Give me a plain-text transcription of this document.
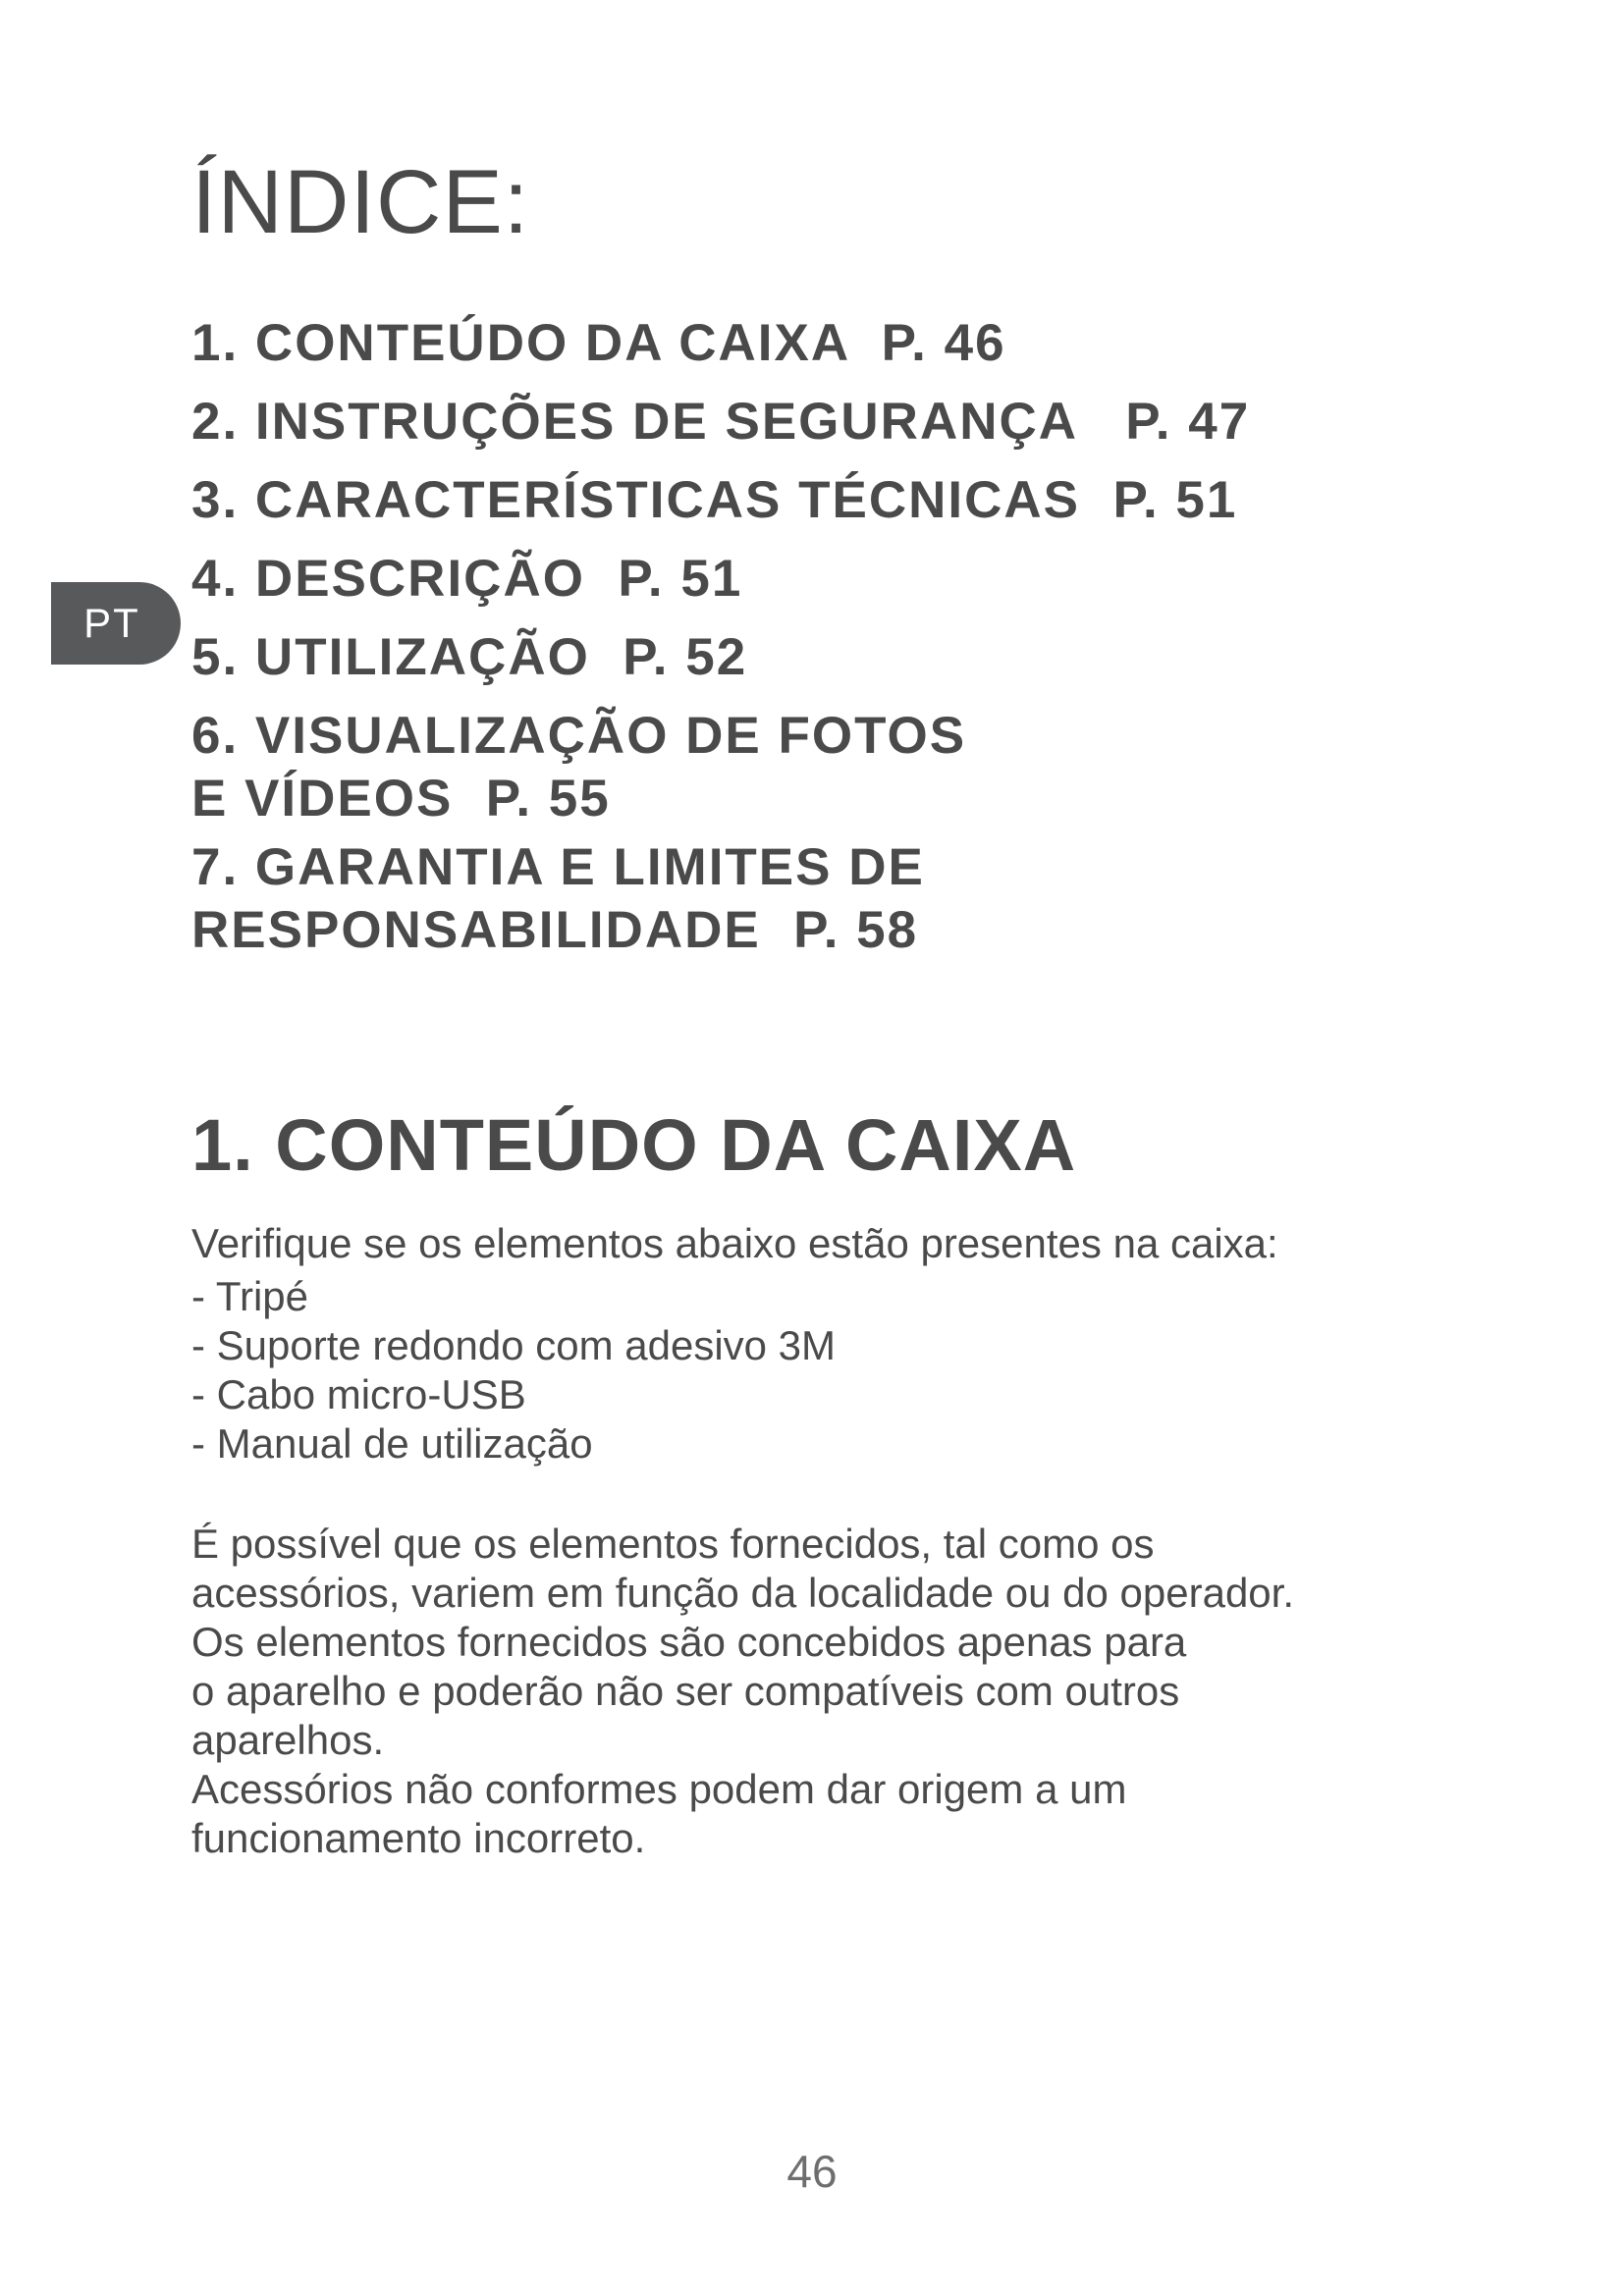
ÍNDICE:
PT
1. CONTEÚDO DA CAIXA  P. 46
2. INSTRUÇÕES DE SEGURANÇA   P. 47
3. CARACTERÍSTICAS TÉCNICAS  P. 51
4. DESCRIÇÃO  P. 51
5. UTILIZAÇÃO  P. 52
6. VISUALIZAÇÃO DE FOTOS
E VÍDEOS  P. 55
7. GARANTIA E LIMITES DE
RESPONSABILIDADE  P. 58
1. CONTEÚDO DA CAIXA

Verifique se os elementos abaixo estão presentes na caixa:

- Tripé
- Suporte redondo com adesivo 3M
- Cabo micro-USB
- Manual de utilização

É possível que os elementos fornecidos, tal como os
acessórios, variem em função da localidade ou do operador.
Os elementos fornecidos são concebidos apenas para
o aparelho e poderão não ser compatíveis com outros
aparelhos.

Acessórios não conformes podem dar origem a um
funcionamento incorreto.

46
